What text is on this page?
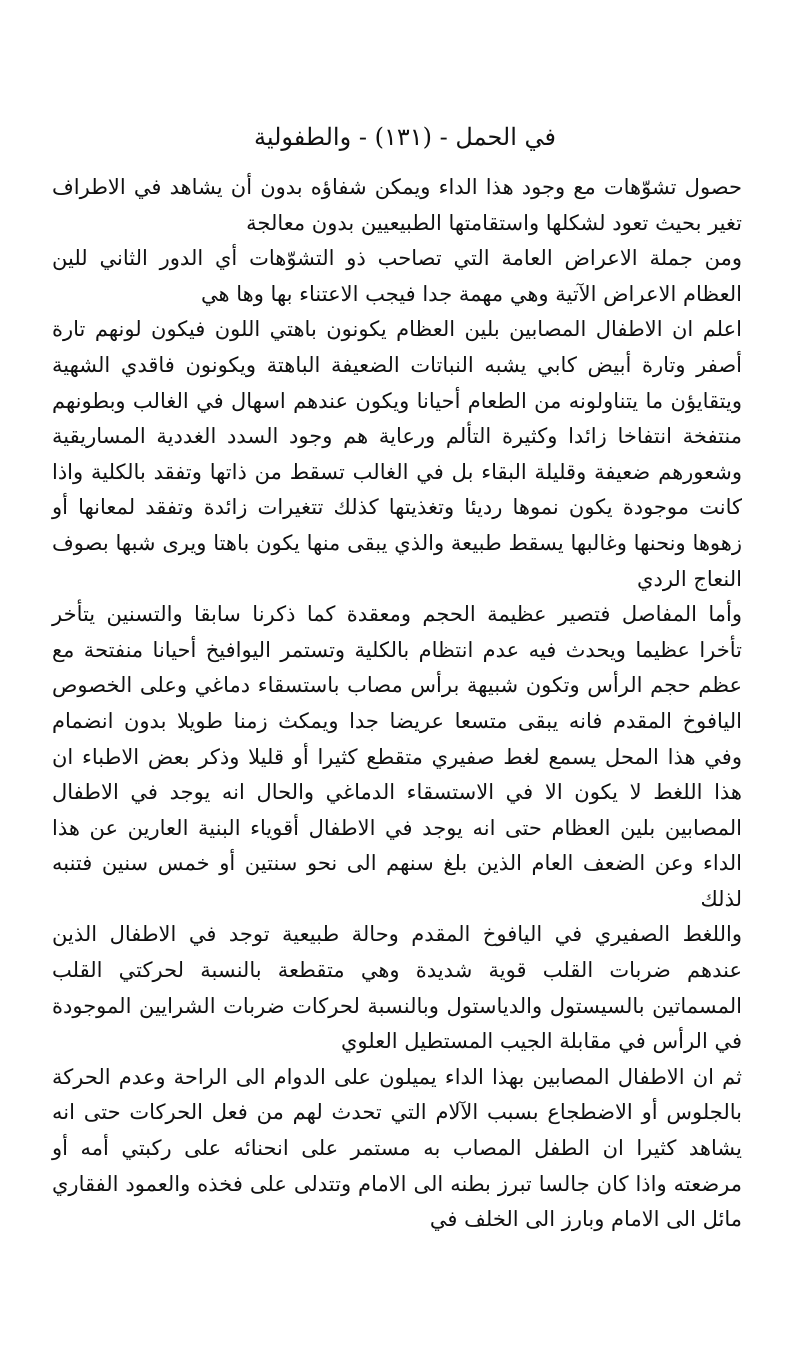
في الحمل - (١٣١) - والطفولية

حصول تشوّهات مع وجود هذا الداء ويمكن شفاؤه بدون أن يشاهد في الاطراف تغير بحيث تعود لشكلها واستقامتها الطبيعيين بدون معالجة

ومن جملة الاعراض العامة التي تصاحب ذو التشوّهات أي الدور الثاني للين العظام الاعراض الآتية وهي مهمة جدا فيجب الاعتناء بها وها هي

اعلم ان الاطفال المصابين بلين العظام يكونون باهتي اللون فيكون لونهم تارة أصفر وتارة أبيض كابي يشبه النباتات الضعيفة الباهتة ويكونون فاقدي الشهية ويتقايؤن ما يتناولونه من الطعام أحيانا ويكون عندهم اسهال في الغالب وبطونهم منتفخة انتفاخا زائدا وكثيرة التألم ورعاية هم وجود السدد الغددية المساريقية وشعورهم ضعيفة وقليلة البقاء بل في الغالب تسقط من ذاتها وتفقد بالكلية واذا كانت موجودة يكون نموها رديئا وتغذيتها كذلك تتغيرات زائدة وتفقد لمعانها أو زهوها ونحنها وغالبها يسقط طبيعة والذي يبقى منها يكون باهتا ويرى شبها بصوف النعاج الردي

وأما المفاصل فتصير عظيمة الحجم ومعقدة كما ذكرنا سابقا والتسنين يتأخر تأخرا عظيما ويحدث فيه عدم انتظام بالكلية وتستمر اليوافيخ أحيانا منفتحة مع عظم حجم الرأس وتكون شبيهة برأس مصاب باستسقاء دماغي وعلى الخصوص اليافوخ المقدم فانه يبقى متسعا عريضا جدا ويمكث زمنا طويلا بدون انضمام وفي هذا المحل يسمع لغط صفيري متقطع كثيرا أو قليلا وذكر بعض الاطباء ان هذا اللغط لا يكون الا في الاستسقاء الدماغي والحال انه يوجد في الاطفال المصابين بلين العظام حتى انه يوجد في الاطفال أقوياء البنية العارين عن هذا الداء وعن الضعف العام الذين بلغ سنهم الى نحو سنتين أو خمس سنين فتنبه لذلك

واللغط الصفيري في اليافوخ المقدم وحالة طبيعية توجد في الاطفال الذين عندهم ضربات القلب قوية شديدة وهي متقطعة بالنسبة لحركتي القلب المسماتين بالسيستول والدياستول وبالنسبة لحركات ضربات الشرايين الموجودة في الرأس في مقابلة الجيب المستطيل العلوي

ثم ان الاطفال المصابين بهذا الداء يميلون على الدوام الى الراحة وعدم الحركة بالجلوس أو الاضطجاع بسبب الآلام التي تحدث لهم من فعل الحركات حتى انه يشاهد كثيرا ان الطفل المصاب به مستمر على انحنائه على ركبتي أمه أو مرضعته واذا كان جالسا تبرز بطنه الى الامام وتتدلى على فخذه والعمود الفقاري مائل الى الامام وبارز الى الخلف في
